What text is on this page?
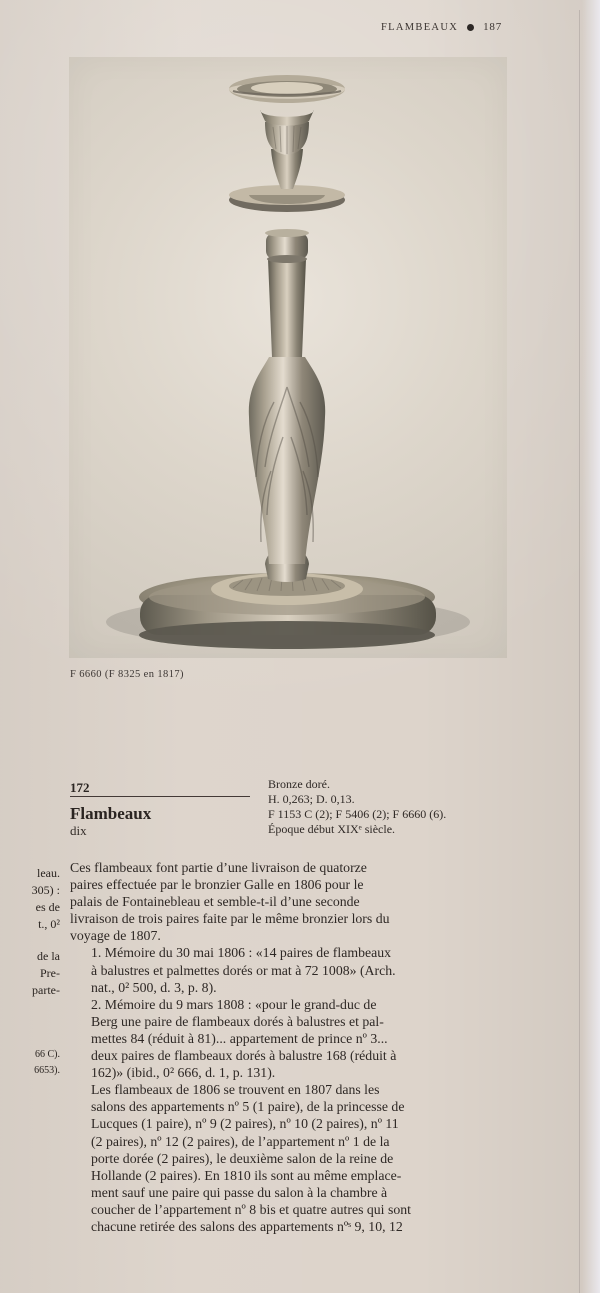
FLAMBEAUX 187
leau.
305) :
es de
t., 0²
de la
Pre-
parte-
66 C).
6653).
F 6660 (F 8325 en 1817)
172
Flambeaux
dix
Bronze doré.
H. 0,263; D. 0,13.
F 1153 C (2); F 5406 (2); F 6660 (6).
Époque début XIXᵉ siècle.

Ces flambeaux font partie d’une livraison de quatorze
paires effectuée par le bronzier Galle en 1806 pour le
palais de Fontainebleau et semble-t-il d’une seconde
livraison de trois paires faite par le même bronzier lors du
voyage de 1807.

1. Mémoire du 30 mai 1806 : «14 paires de flambeaux
à balustres et palmettes dorés or mat à 72 1008» (Arch.
nat., 0² 500, d. 3, p. 8).

2. Mémoire du 9 mars 1808 : «pour le grand-duc de
Berg une paire de flambeaux dorés à balustres et pal-
mettes 84 (réduit à 81)... appartement de prince nº 3...
deux paires de flambeaux dorés à balustre 168 (réduit à
162)» (ibid., 0² 666, d. 1, p. 131).

Les flambeaux de 1806 se trouvent en 1807 dans les
salons des appartements nº 5 (1 paire), de la princesse de
Lucques (1 paire), nº 9 (2 paires), nº 10 (2 paires), nº 11
(2 paires), nº 12 (2 paires), de l’appartement nº 1 de la
porte dorée (2 paires), le deuxième salon de la reine de
Hollande (2 paires). En 1810 ils sont au même emplace-
ment sauf une paire qui passe du salon à la chambre à
coucher de l’appartement nº 8 bis et quatre autres qui sont
chacune retirée des salons des appartements nºˢ 9, 10, 12
